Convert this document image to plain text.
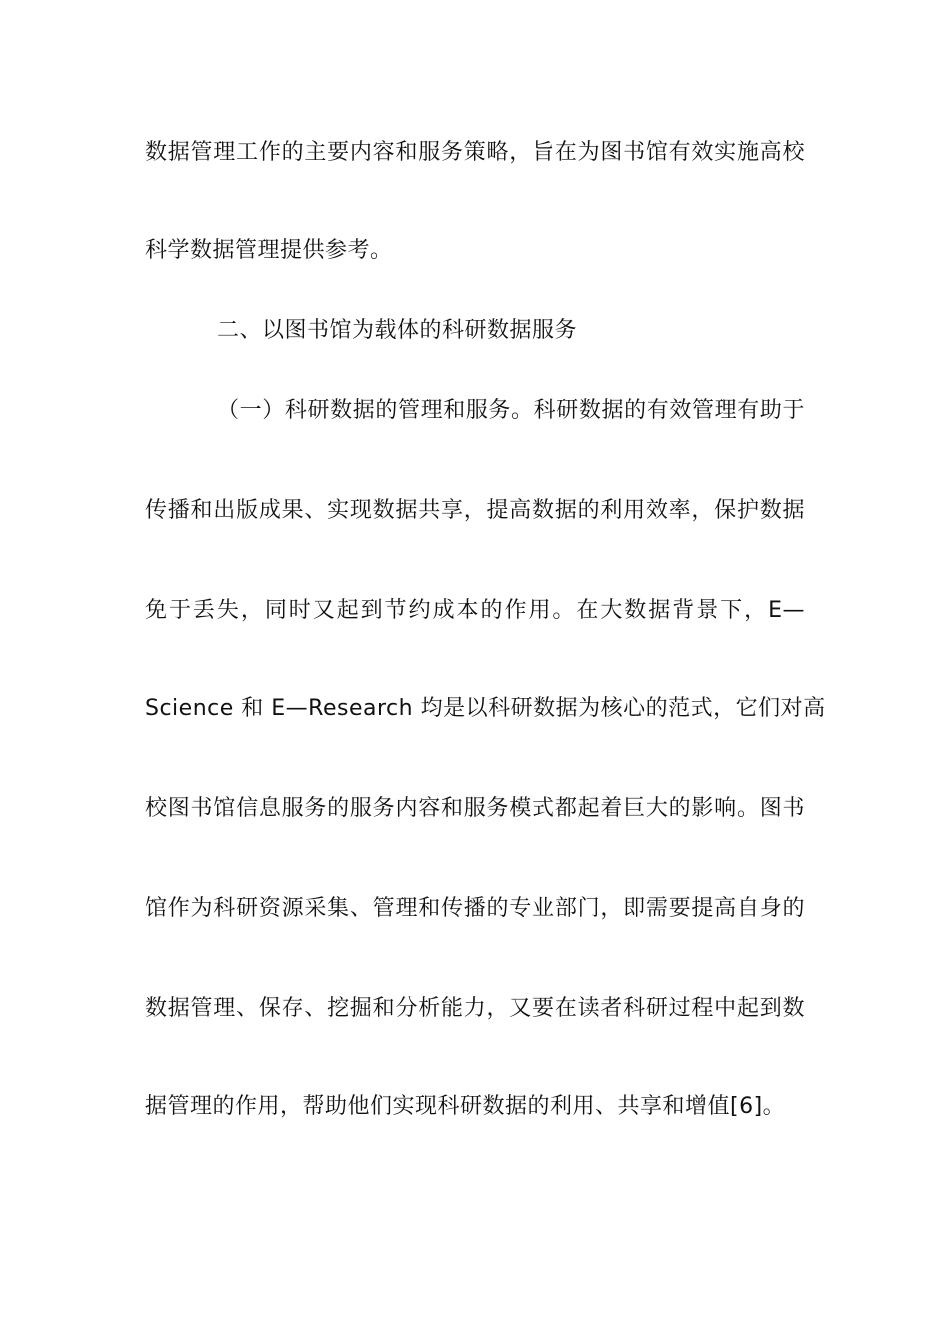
数据管理工作的主要内容和服务策略，旨在为图书馆有效实施高校
科学数据管理提供参考。
二、以图书馆为载体的科研数据服务
（一）科研数据的管理和服务。科研数据的有效管理有助于
传播和出版成果、实现数据共享，提高数据的利用效率，保护数据
免于丢失，同时又起到节约成本的作用。在大数据背景下，E—
Science 和 E—Research 均是以科研数据为核心的范式，它们对高
校图书馆信息服务的服务内容和服务模式都起着巨大的影响。图书
馆作为科研资源采集、管理和传播的专业部门，即需要提高自身的
数据管理、保存、挖掘和分析能力，又要在读者科研过程中起到数
据管理的作用，帮助他们实现科研数据的利用、共享和增值[6]。
